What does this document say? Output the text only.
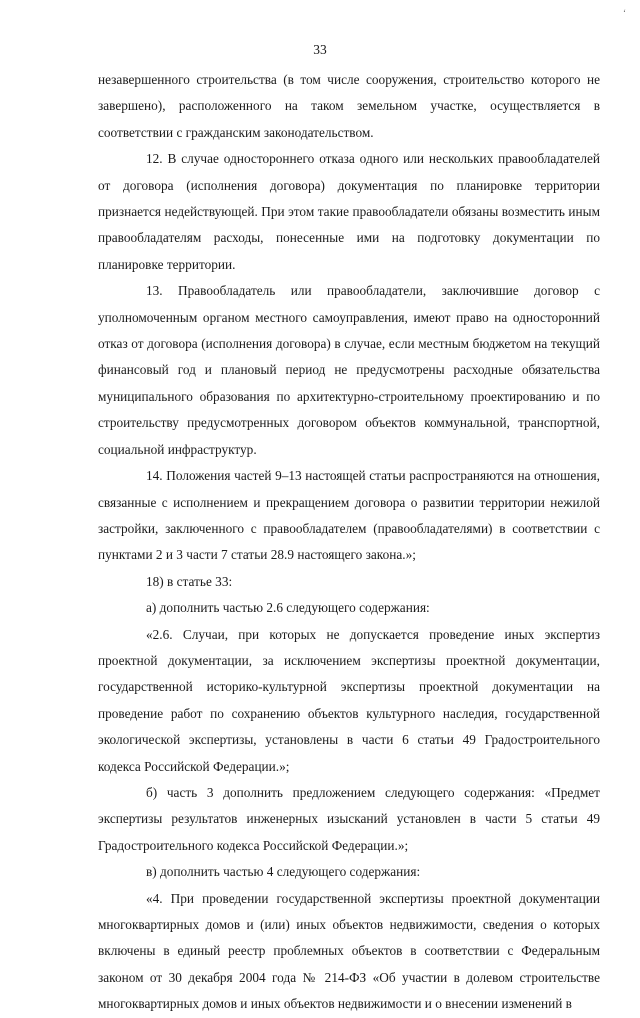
‘
33

незавершенного строительства (в том числе сооружения, строительство которого не завершено), расположенного на таком земельном участке, осуществляется в соответствии с гражданским законодательством.

12. В случае одностороннего отказа одного или нескольких правообладателей от договора (исполнения договора) документация по планировке территории признается недействующей. При этом такие правообладатели обязаны возместить иным правообладателям расходы, понесенные ими на подготовку документации по планировке территории.

13. Правообладатель или правообладатели, заключившие договор с уполномоченным органом местного самоуправления, имеют право на односторонний отказ от договора (исполнения договора) в случае, если местным бюджетом на текущий финансовый год и плановый период не предусмотрены расходные обязательства муниципального образования по архитектурно-строительному проектированию и по строительству предусмотренных договором объектов коммунальной, транспортной, социальной инфраструктур.

14. Положения частей 9–13 настоящей статьи распространяются на отношения, связанные с исполнением и прекращением договора о развитии территории нежилой застройки, заключенного с правообладателем (правообладателями) в соответствии с пунктами 2 и 3 части 7 статьи 28.9 настоящего закона.»;

18) в статье 33:

а) дополнить частью 2.6 следующего содержания:

«2.6. Случаи, при которых не допускается проведение иных экспертиз проектной документации, за исключением экспертизы проектной документации, государственной историко-культурной экспертизы проектной документации на проведение работ по сохранению объектов культурного наследия, государственной экологической экспертизы, установлены в части 6 статьи 49 Градостроительного кодекса Российской Федерации.»;

б) часть 3 дополнить предложением следующего содержания: «Предмет экспертизы результатов инженерных изысканий установлен в части 5 статьи 49 Градостроительного кодекса Российской Федерации.»;

в) дополнить частью 4 следующего содержания:

«4. При проведении государственной экспертизы проектной документации многоквартирных домов и (или) иных объектов недвижимости, сведения о которых включены в единый реестр проблемных объектов в соответствии с Федеральным законом от 30 декабря 2004 года № 214-ФЗ «Об участии в долевом строительстве многоквартирных домов и иных объектов недвижимости и о внесении изменений в
